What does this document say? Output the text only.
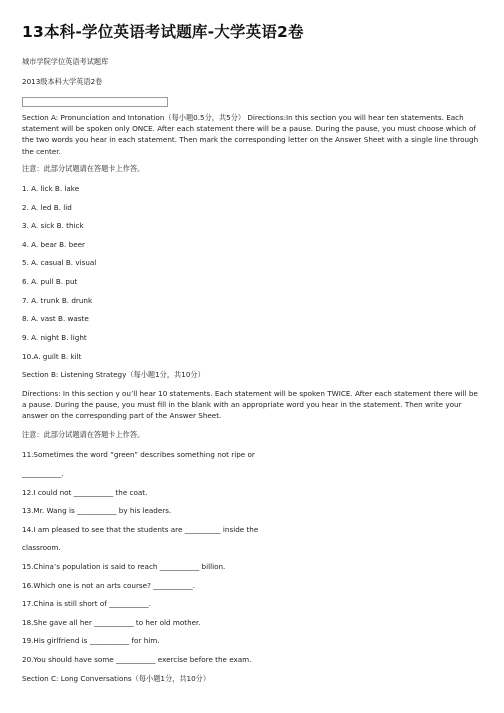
13本科-学位英语考试题库-大学英语2卷
城市学院学位英语考试题库
2013级本科大学英语2卷
Section A: Pronunciation and Intonation（每小题0.5分，共5分） Directions:In this section you will hear ten statements. Each statement will be spoken only ONCE. After each statement there will be a pause. During the pause, you must choose which of the two words you hear in each statement. Then mark the corresponding letter on the Answer Sheet with a single line through the center.
注意：此部分试题请在答题卡上作答。
1. A. lick B. lake
2. A. led B. lid
3. A. sick B. thick
4. A. bear B. beer
5. A. casual B. visual
6. A. pull B. put
7. A. trunk B. drunk
8. A. vast B. waste
9. A. night B. light
10.A. guilt B. kilt
Section B: Listening Strategy（每小题1分，共10分）
Directions: In this section y ou’ll hear 10 statements. Each statement will be spoken TWICE. After each statement there will be a pause. During the pause, you must fill in the blank with an appropriate word you hear in the statement. Then write your answer on the corresponding part of the Answer Sheet.
注意：此部分试题请在答题卡上作答。
11.Sometimes the word “green” describes something not ripe or
___________.
12.I could not ___________ the coat.
13.Mr. Wang is ___________ by his leaders.
14.I am pleased to see that the students are __________ inside the
classroom.
15.China’s population is said to reach ___________ billion.
16.Which one is not an arts course? ___________.
17.China is still short of ___________.
18.She gave all her ___________ to her old mother.
19.His girlfriend is ___________ for him.
20.You should have some ___________ exercise before the exam.
Section C: Long Conversations（每小题1分，共10分）
